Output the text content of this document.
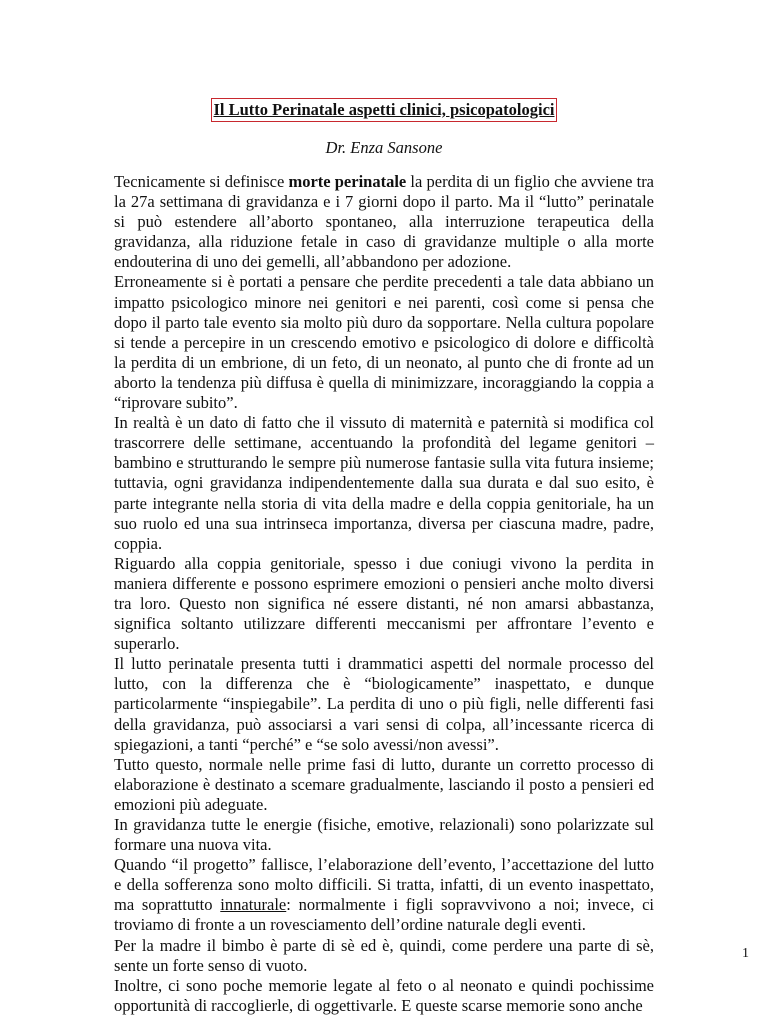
Il Lutto Perinatale aspetti clinici, psicopatologici
Dr. Enza Sansone

Tecnicamente si definisce morte perinatale la perdita di un figlio che avviene tra la 27a settimana di gravidanza e i 7 giorni dopo il parto. Ma il “lutto” perinatale si può estendere all’aborto spontaneo, alla interruzione terapeutica della gravidanza, alla riduzione fetale in caso di gravidanze multiple o alla morte endouterina di uno dei gemelli, all’abbandono per adozione.

Erroneamente si è portati a pensare che perdite precedenti a tale data abbiano un impatto psicologico minore nei genitori e nei parenti, così come si pensa che dopo il parto tale evento sia molto più duro da sopportare. Nella cultura popolare si tende a percepire in un crescendo emotivo e psicologico di dolore e difficoltà la perdita di un embrione, di un feto, di un neonato, al punto che di fronte ad un aborto la tendenza più diffusa è quella di minimizzare, incoraggiando la coppia a “riprovare subito”.

In realtà è un dato di fatto che il vissuto di maternità e paternità si modifica col trascorrere delle settimane, accentuando la profondità del legame genitori – bambino e strutturando le sempre più numerose fantasie sulla vita futura insieme; tuttavia, ogni gravidanza indipendentemente dalla sua durata e dal suo esito, è parte integrante nella storia di vita della madre e della coppia genitoriale, ha un suo ruolo ed una sua intrinseca importanza, diversa per ciascuna madre, padre, coppia.

Riguardo alla coppia genitoriale, spesso i due coniugi vivono la perdita in maniera differente e possono esprimere emozioni o pensieri anche molto diversi tra loro. Questo non significa né essere distanti, né non amarsi abbastanza, significa soltanto utilizzare differenti meccanismi per affrontare l’evento e superarlo.

Il lutto perinatale presenta tutti i drammatici aspetti del normale processo del lutto, con la differenza che è “biologicamente” inaspettato, e dunque particolarmente “inspiegabile”. La perdita di uno o più figli, nelle differenti fasi della gravidanza, può associarsi a vari sensi di colpa, all’incessante ricerca di spiegazioni, a tanti “perché” e “se solo avessi/non avessi”.

Tutto questo, normale nelle prime fasi di lutto, durante un corretto processo di elaborazione è destinato a scemare gradualmente, lasciando il posto a pensieri ed emozioni più adeguate.

In gravidanza tutte le energie (fisiche, emotive, relazionali) sono polarizzate sul formare una nuova vita.

Quando “il progetto” fallisce, l’elaborazione dell’evento, l’accettazione del lutto e della sofferenza sono molto difficili. Si tratta, infatti, di un evento inaspettato, ma soprattutto innaturale: normalmente i figli sopravvivono a noi; invece, ci troviamo di fronte a un rovesciamento dell’ordine naturale degli eventi.

Per la madre il bimbo è parte di sè ed è, quindi, come perdere una parte di sè, sente un forte senso di vuoto.

Inoltre, ci sono poche memorie legate al feto o al neonato e quindi pochissime opportunità di raccoglierle, di oggettivarle. E queste scarse memorie sono anche

1
